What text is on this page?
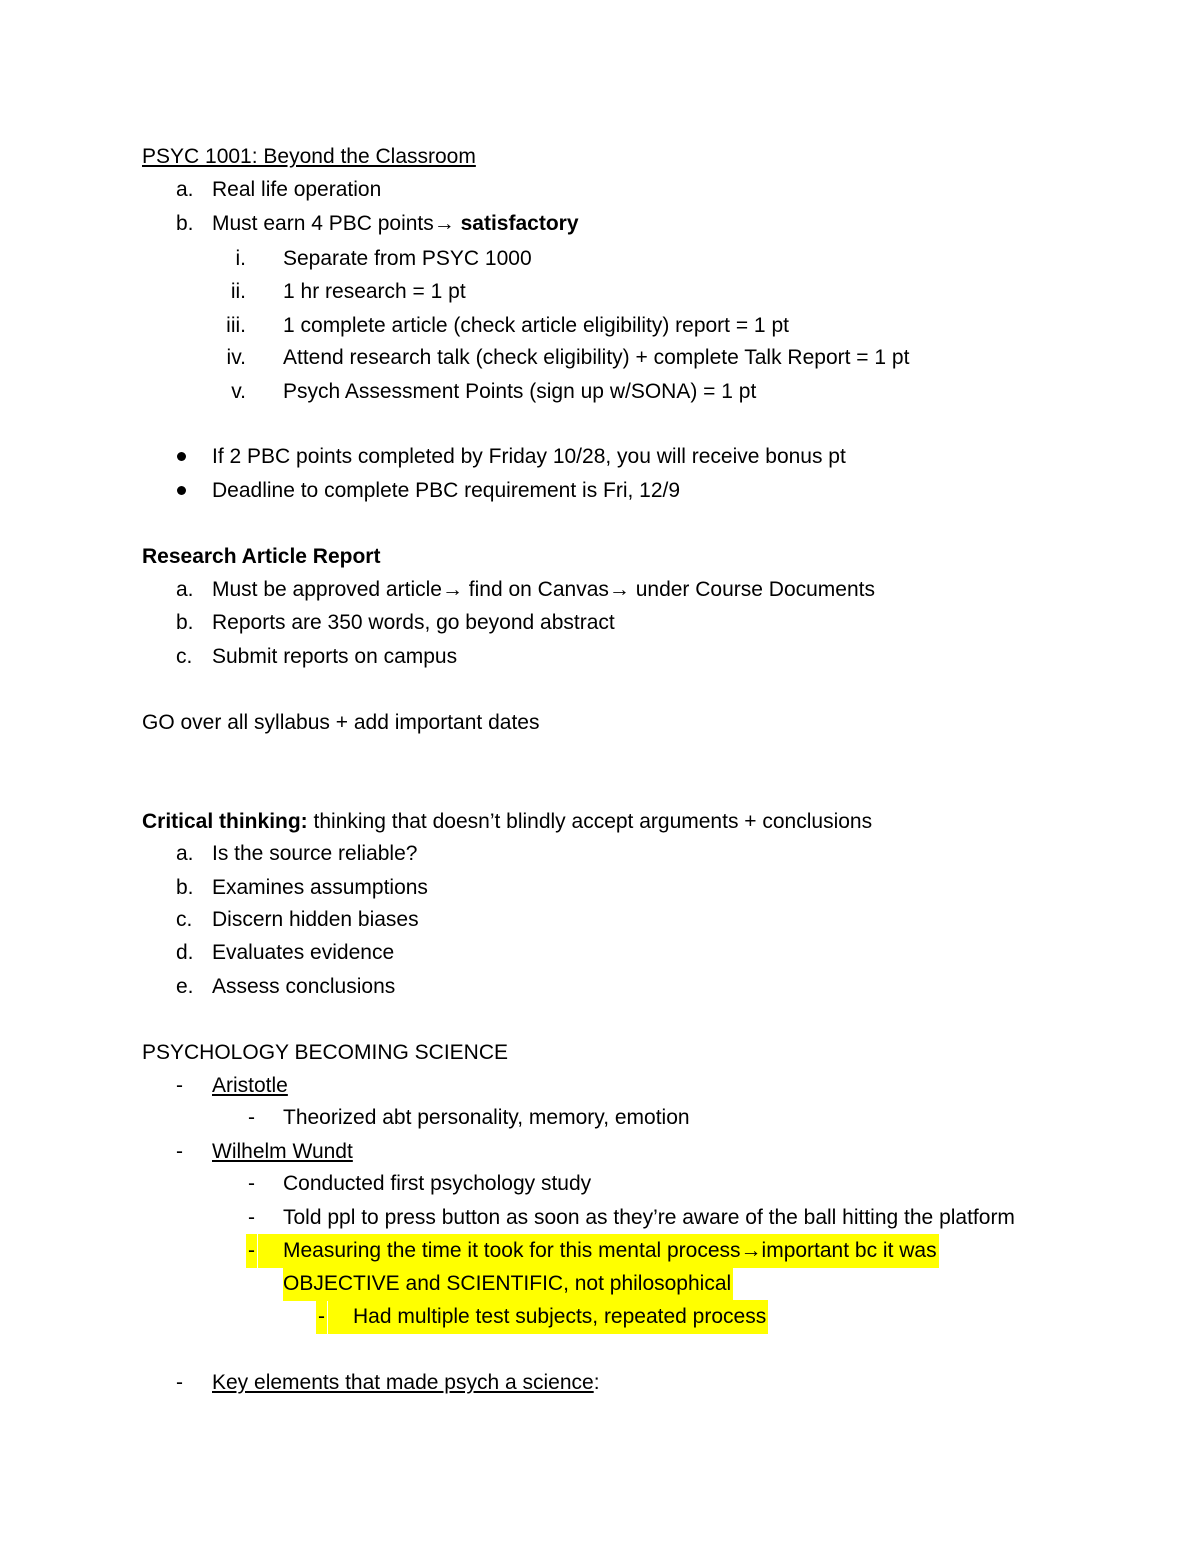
PSYC 1001: Beyond the Classroom
a. Real life operation
b. Must earn 4 PBC points→ satisfactory
i. Separate from PSYC 1000
ii. 1 hr research = 1 pt
iii. 1 complete article (check article eligibility) report = 1 pt
iv. Attend research talk (check eligibility) + complete Talk Report = 1 pt
v. Psych Assessment Points (sign up w/SONA) = 1 pt
If 2 PBC points completed by Friday 10/28, you will receive bonus pt
Deadline to complete PBC requirement is Fri, 12/9
Research Article Report
a. Must be approved article→ find on Canvas→ under Course Documents
b. Reports are 350 words, go beyond abstract
c. Submit reports on campus
GO over all syllabus + add important dates
Critical thinking: thinking that doesn’t blindly accept arguments + conclusions
a. Is the source reliable?
b. Examines assumptions
c. Discern hidden biases
d. Evaluates evidence
e. Assess conclusions
PSYCHOLOGY BECOMING SCIENCE
- Aristotle
- Theorized abt personality, memory, emotion
- Wilhelm Wundt
- Conducted first psychology study
- Told ppl to press button as soon as they’re aware of the ball hitting the platform
-	Measuring the time it took for this mental process→important bc it was
OBJECTIVE and SCIENTIFIC, not philosophical
-	Had multiple test subjects, repeated process
- Key elements that made psych a science:
